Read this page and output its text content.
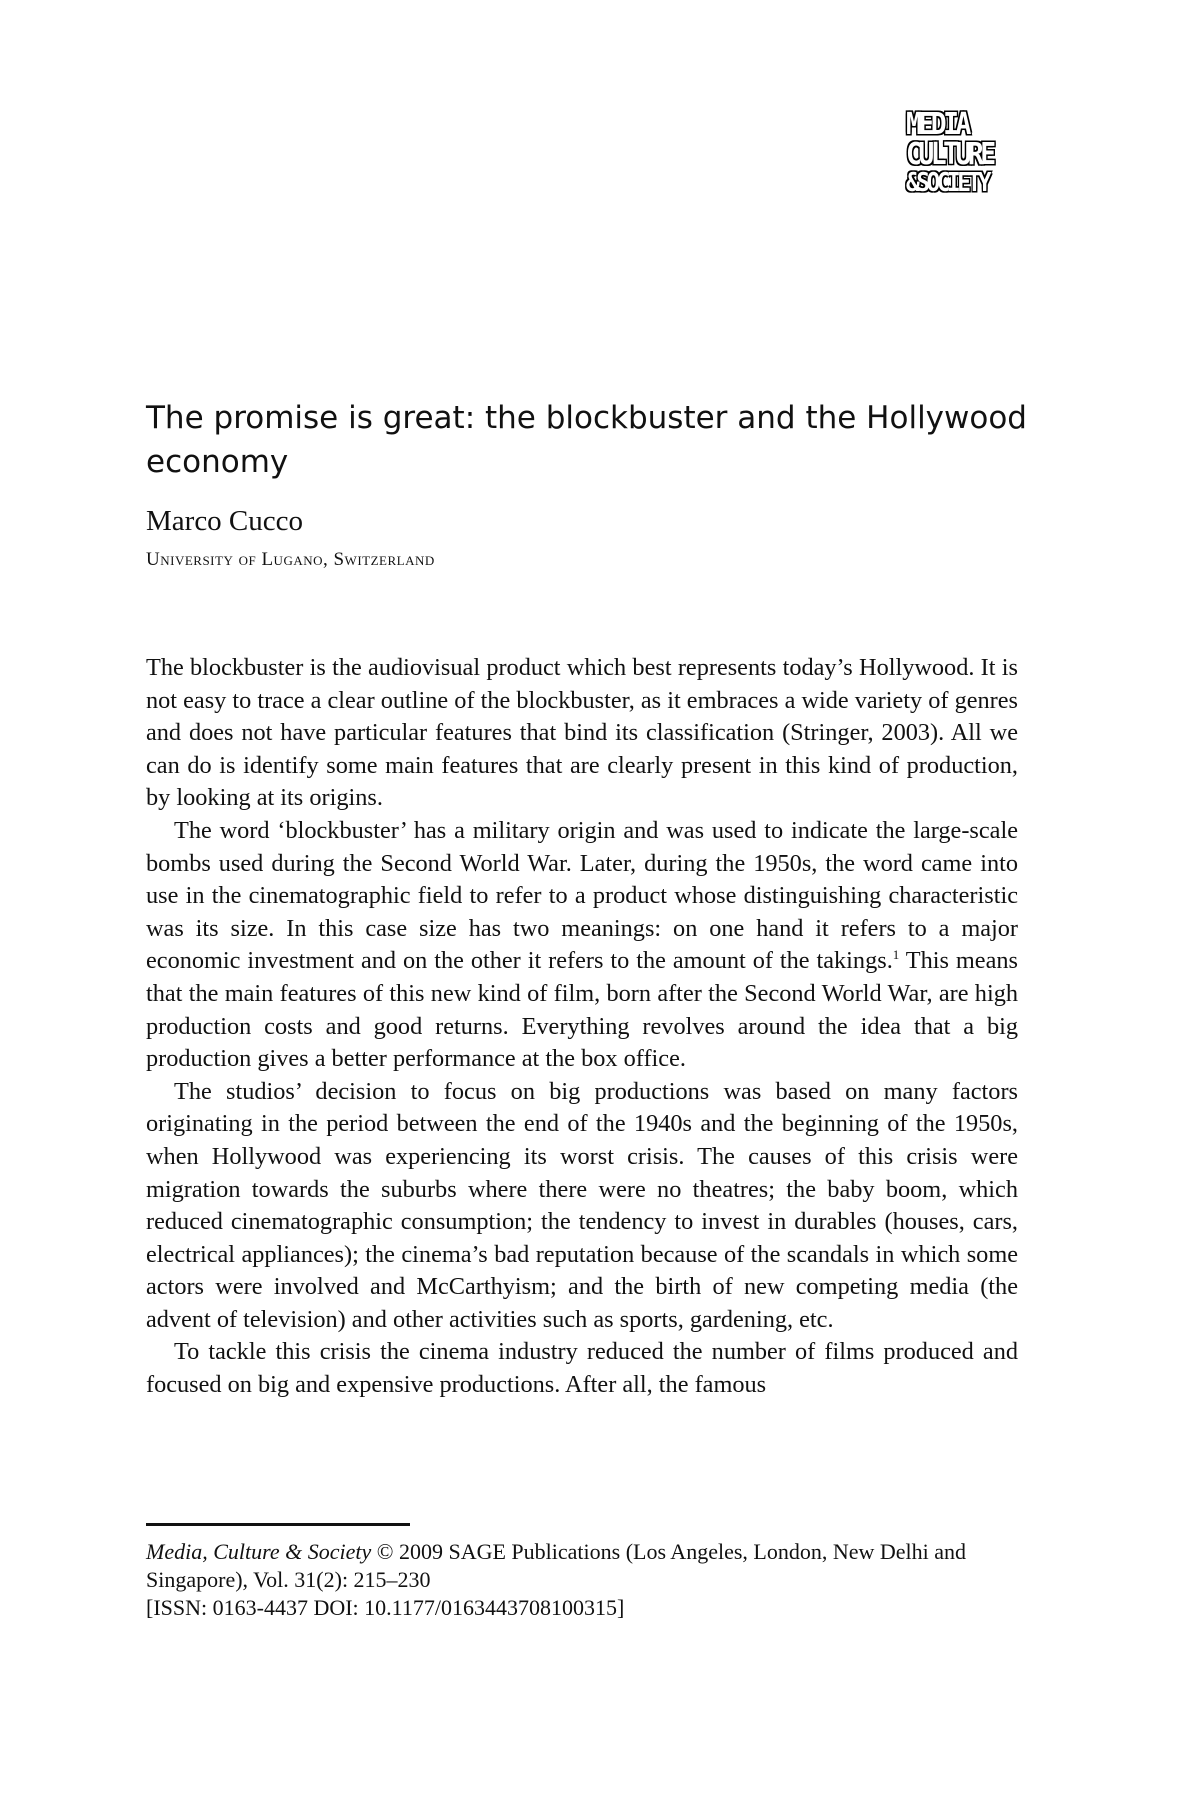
MEDIA
CULTURE
&SOCIETY
The promise is great: the blockbuster and the Hollywood economy
Marco Cucco
University of Lugano, Switzerland

The blockbuster is the audiovisual product which best represents today’s Hollywood. It is not easy to trace a clear outline of the blockbuster, as it embraces a wide variety of genres and does not have particular features that bind its classification (Stringer, 2003). All we can do is identify some main features that are clearly present in this kind of production, by looking at its origins.

The word ‘blockbuster’ has a military origin and was used to indicate the large-scale bombs used during the Second World War. Later, during the 1950s, the word came into use in the cinematographic field to refer to a product whose distinguishing characteristic was its size. In this case size has two meanings: on one hand it refers to a major economic investment and on the other it refers to the amount of the takings.$^1$ This means that the main features of this new kind of film, born after the Second World War, are high production costs and good returns. Everything revolves around the idea that a big production gives a better performance at the box office.

The studios’ decision to focus on big productions was based on many factors originating in the period between the end of the 1940s and the beginning of the 1950s, when Hollywood was experiencing its worst crisis. The causes of this crisis were migration towards the suburbs where there were no theatres; the baby boom, which reduced cinematographic consumption; the tendency to invest in durables (houses, cars, electrical appliances); the cinema’s bad reputation because of the scandals in which some actors were involved and McCarthyism; and the birth of new competing media (the advent of television) and other activities such as sports, gardening, etc.

To tackle this crisis the cinema industry reduced the number of films produced and focused on big and expensive productions. After all, the famous

Media, Culture & Society © 2009 SAGE Publications (Los Angeles, London, New Delhi and Singapore), Vol. 31(2): 215–230
[ISSN: 0163-4437 DOI: 10.1177/0163443708100315]
